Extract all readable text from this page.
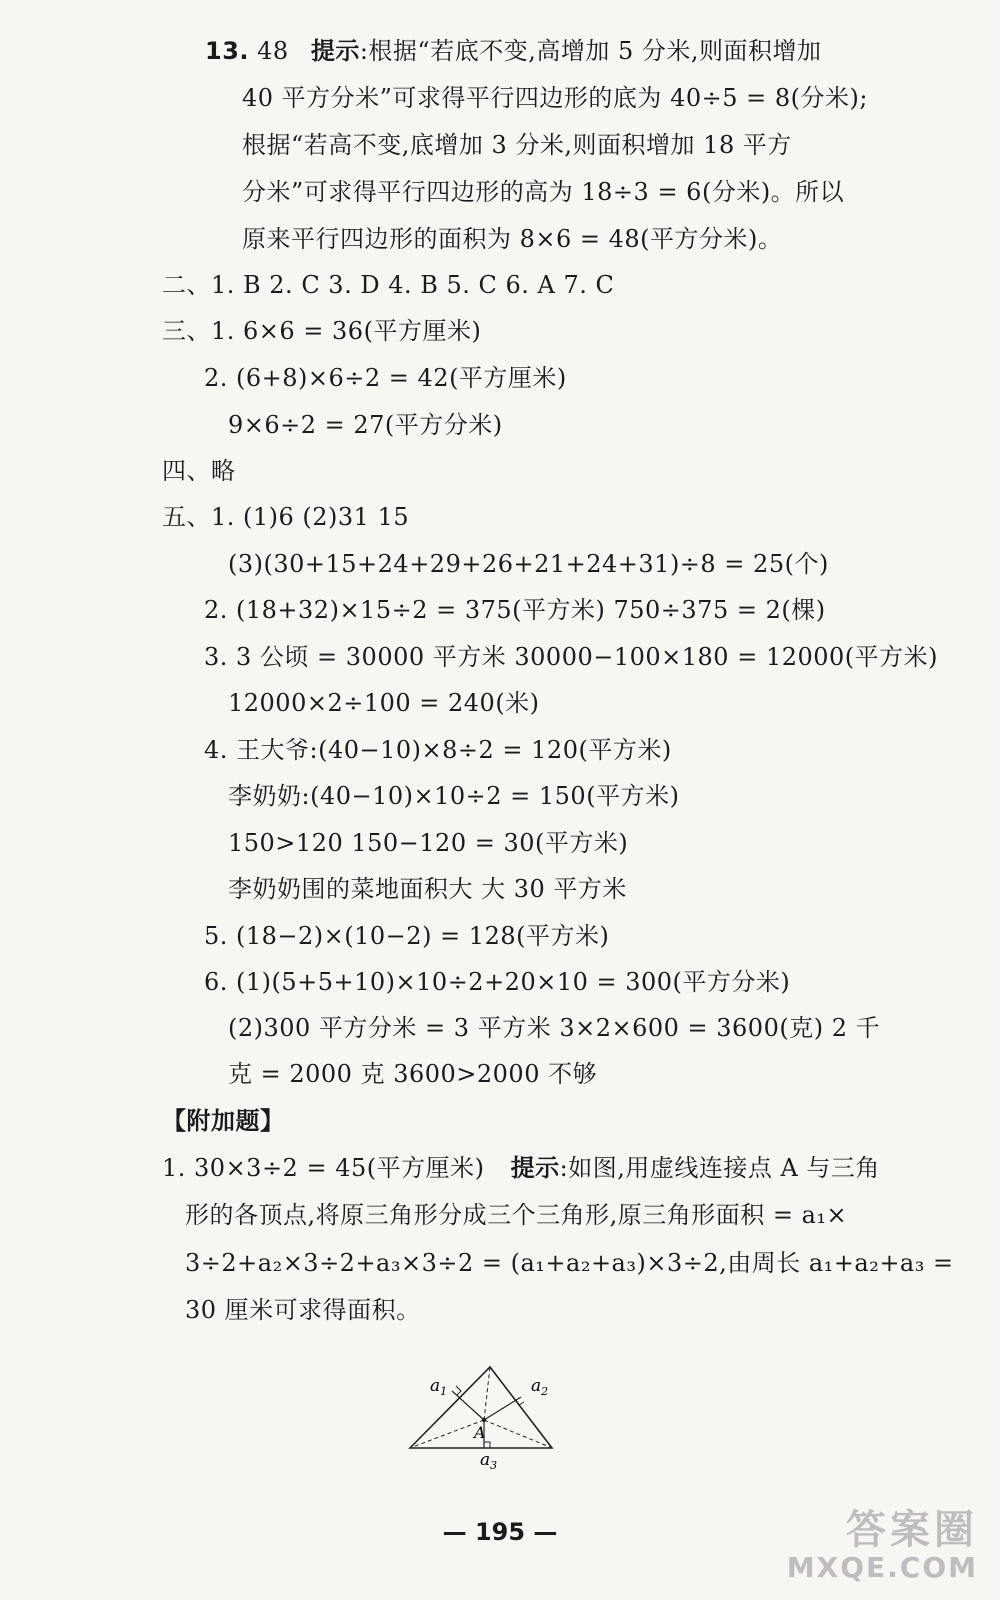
13. 48 提示:根据“若底不变,高增加 5 分米,则面积增加
40 平方分米”可求得平行四边形的底为 40÷5 = 8(分米);
根据“若高不变,底增加 3 分米,则面积增加 18 平方
分米”可求得平行四边形的高为 18÷3 = 6(分米)。所以
原来平行四边形的面积为 8×6 = 48(平方分米)。
二、1. B 2. C 3. D 4. B 5. C 6. A 7. C
三、1. 6×6 = 36(平方厘米)
2. (6+8)×6÷2 = 42(平方厘米)
9×6÷2 = 27(平方分米)
四、略
五、1. (1)6 (2)31 15
(3)(30+15+24+29+26+21+24+31)÷8 = 25(个)
2. (18+32)×15÷2 = 375(平方米) 750÷375 = 2(棵)
3. 3 公顷 = 30000 平方米 30000−100×180 = 12000(平方米)
12000×2÷100 = 240(米)
4. 王大爷:(40−10)×8÷2 = 120(平方米)
李奶奶:(40−10)×10÷2 = 150(平方米)
150>120 150−120 = 30(平方米)
李奶奶围的菜地面积大 大 30 平方米
5. (18−2)×(10−2) = 128(平方米)
6. (1)(5+5+10)×10÷2+20×10 = 300(平方分米)
(2)300 平方分米 = 3 平方米 3×2×600 = 3600(克) 2 千
克 = 2000 克 3600>2000 不够
【附加题】
1. 30×3÷2 = 45(平方厘米) 提示:如图,用虚线连接点 A 与三角
形的各顶点,将原三角形分成三个三角形,原三角形面积 = a₁×
3÷2+a₂×3÷2+a₃×3÷2 = (a₁+a₂+a₃)×3÷2,由周长 a₁+a₂+a₃ =
30 厘米可求得面积。
$a_1$	$a_2$
$a_3$
A
— 195 —	答案圈
MXQE.COM
